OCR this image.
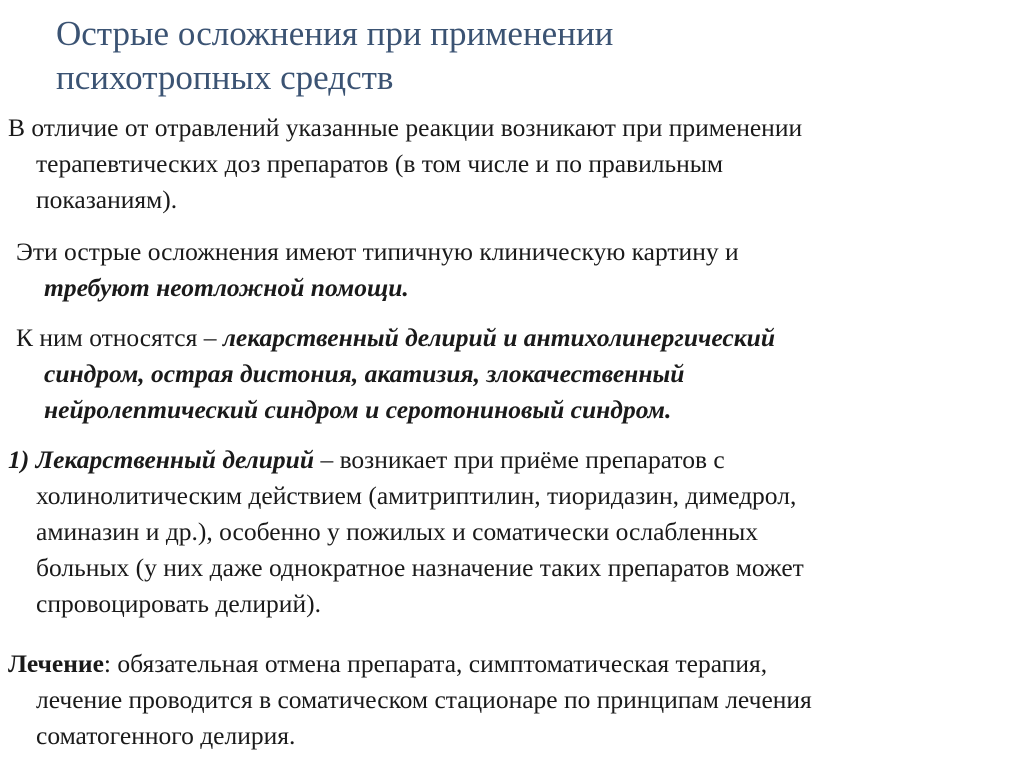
Острые осложнения при применении
психотропных средств

В отличие от отравлений указанные реакции возникают при применении
терапевтических доз препаратов (в том числе и по правильным
показаниям).

Эти острые осложнения имеют типичную клиническую картину и
требуют неотложной помощи.

К ним относятся – лекарственный делирий и антихолинергический
синдром, острая дистония, акатизия, злокачественный
нейролептический синдром и серотониновый синдром.

1) Лекарственный делирий – возникает при приёме препаратов с
холинолитическим действием (амитриптилин, тиоридазин, димедрол,
аминазин и др.), особенно у пожилых и соматически ослабленных
больных (у них даже однократное назначение таких препаратов может
спровоцировать делирий).

Лечение: обязательная отмена препарата, симптоматическая терапия,
лечение проводится в соматическом стационаре по принципам лечения
соматогенного делирия.
